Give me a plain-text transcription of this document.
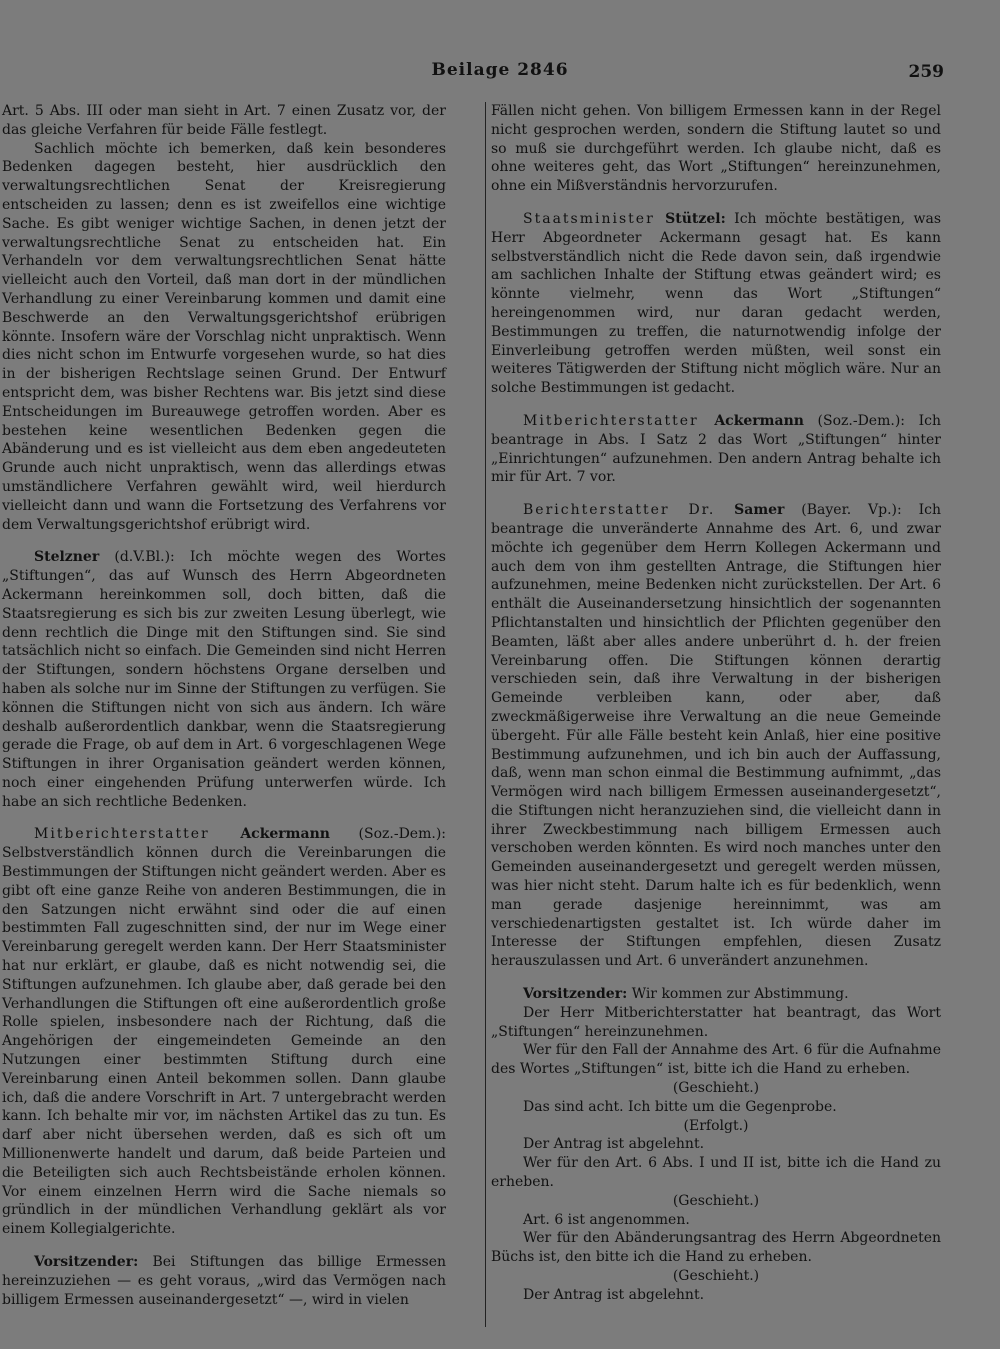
Beilage 2846	259

Art. 5 Abs. III oder man sieht in Art. 7 einen Zusatz vor, der das gleiche Verfahren für beide Fälle festlegt.

Sachlich möchte ich bemerken, daß kein besonderes Bedenken dagegen besteht, hier ausdrücklich den verwaltungsrechtlichen Senat der Kreisregierung entscheiden zu lassen; denn es ist zweifellos eine wichtige Sache. Es gibt weniger wichtige Sachen, in denen jetzt der verwaltungsrechtliche Senat zu entscheiden hat. Ein Verhandeln vor dem verwaltungsrechtlichen Senat hätte vielleicht auch den Vorteil, daß man dort in der mündlichen Verhandlung zu einer Vereinbarung kommen und damit eine Beschwerde an den Verwaltungsgerichtshof erübrigen könnte. Insofern wäre der Vorschlag nicht unpraktisch. Wenn dies nicht schon im Entwurfe vorgesehen wurde, so hat dies in der bisherigen Rechtslage seinen Grund. Der Entwurf entspricht dem, was bisher Rechtens war. Bis jetzt sind diese Entscheidungen im Bureauwege getroffen worden. Aber es bestehen keine wesentlichen Bedenken gegen die Abänderung und es ist vielleicht aus dem eben angedeuteten Grunde auch nicht unpraktisch, wenn das allerdings etwas umständlichere Verfahren gewählt wird, weil hierdurch vielleicht dann und wann die Fortsetzung des Verfahrens vor dem Verwaltungsgerichtshof erübrigt wird.

Stelzner (d.V.Bl.): Ich möchte wegen des Wortes „Stiftungen“, das auf Wunsch des Herrn Abgeordneten Ackermann hereinkommen soll, doch bitten, daß die Staatsregierung es sich bis zur zweiten Lesung überlegt, wie denn rechtlich die Dinge mit den Stiftungen sind. Sie sind tatsächlich nicht so einfach. Die Gemeinden sind nicht Herren der Stiftungen, sondern höchstens Organe derselben und haben als solche nur im Sinne der Stiftungen zu verfügen. Sie können die Stiftungen nicht von sich aus ändern. Ich wäre deshalb außerordentlich dankbar, wenn die Staatsregierung gerade die Frage, ob auf dem in Art. 6 vorgeschlagenen Wege Stiftungen in ihrer Organisation geändert werden können, noch einer eingehenden Prüfung unterwerfen würde. Ich habe an sich rechtliche Bedenken.

Mitberichterstatter Ackermann (Soz.-Dem.): Selbstverständlich können durch die Vereinbarungen die Bestimmungen der Stiftungen nicht geändert werden. Aber es gibt oft eine ganze Reihe von anderen Bestimmungen, die in den Satzungen nicht erwähnt sind oder die auf einen bestimmten Fall zugeschnitten sind, der nur im Wege einer Vereinbarung geregelt werden kann. Der Herr Staatsminister hat nur erklärt, er glaube, daß es nicht notwendig sei, die Stiftungen aufzunehmen. Ich glaube aber, daß gerade bei den Verhandlungen die Stiftungen oft eine außerordentlich große Rolle spielen, insbesondere nach der Richtung, daß die Angehörigen der eingemeindeten Gemeinde an den Nutzungen einer bestimmten Stiftung durch eine Vereinbarung einen Anteil bekommen sollen. Dann glaube ich, daß die andere Vorschrift in Art. 7 untergebracht werden kann. Ich behalte mir vor, im nächsten Artikel das zu tun. Es darf aber nicht übersehen werden, daß es sich oft um Millionenwerte handelt und darum, daß beide Parteien und die Beteiligten sich auch Rechtsbeistände erholen können. Vor einem einzelnen Herrn wird die Sache niemals so gründlich in der mündlichen Verhandlung geklärt als vor einem Kollegialgerichte.

Vorsitzender: Bei Stiftungen das billige Ermessen hereinzuziehen — es geht voraus, „wird das Vermögen nach billigem Ermessen auseinandergesetzt“ —, wird in vielen

Fällen nicht gehen. Von billigem Ermessen kann in der Regel nicht gesprochen werden, sondern die Stiftung lautet so und so muß sie durchgeführt werden. Ich glaube nicht, daß es ohne weiteres geht, das Wort „Stiftungen“ hereinzunehmen, ohne ein Mißverständnis hervorzurufen.

Staatsminister Stützel: Ich möchte bestätigen, was Herr Abgeordneter Ackermann gesagt hat. Es kann selbstverständlich nicht die Rede davon sein, daß irgendwie am sachlichen Inhalte der Stiftung etwas geändert wird; es könnte vielmehr, wenn das Wort „Stiftungen“ hereingenommen wird, nur daran gedacht werden, Bestimmungen zu treffen, die naturnotwendig infolge der Einverleibung getroffen werden müßten, weil sonst ein weiteres Tätigwerden der Stiftung nicht möglich wäre. Nur an solche Bestimmungen ist gedacht.

Mitberichterstatter Ackermann (Soz.-Dem.): Ich beantrage in Abs. I Satz 2 das Wort „Stiftungen“ hinter „Einrichtungen“ aufzunehmen. Den andern Antrag behalte ich mir für Art. 7 vor.

Berichterstatter Dr. Samer (Bayer. Vp.): Ich beantrage die unveränderte Annahme des Art. 6, und zwar möchte ich gegenüber dem Herrn Kollegen Ackermann und auch dem von ihm gestellten Antrage, die Stiftungen hier aufzunehmen, meine Bedenken nicht zurückstellen. Der Art. 6 enthält die Auseinandersetzung hinsichtlich der sogenannten Pflichtanstalten und hinsichtlich der Pflichten gegenüber den Beamten, läßt aber alles andere unberührt d. h. der freien Vereinbarung offen. Die Stiftungen können derartig verschieden sein, daß ihre Verwaltung in der bisherigen Gemeinde verbleiben kann, oder aber, daß zweckmäßigerweise ihre Verwaltung an die neue Gemeinde übergeht. Für alle Fälle besteht kein Anlaß, hier eine positive Bestimmung aufzunehmen, und ich bin auch der Auffassung, daß, wenn man schon einmal die Bestimmung aufnimmt, „das Vermögen wird nach billigem Ermessen auseinandergesetzt“, die Stiftungen nicht heranzuziehen sind, die vielleicht dann in ihrer Zweckbestimmung nach billigem Ermessen auch verschoben werden könnten. Es wird noch manches unter den Gemeinden auseinandergesetzt und geregelt werden müssen, was hier nicht steht. Darum halte ich es für bedenklich, wenn man gerade dasjenige hereinnimmt, was am verschiedenartigsten gestaltet ist. Ich würde daher im Interesse der Stiftungen empfehlen, diesen Zusatz herauszulassen und Art. 6 unverändert anzunehmen.

Vorsitzender: Wir kommen zur Abstimmung.

Der Herr Mitberichterstatter hat beantragt, das Wort „Stiftungen“ hereinzunehmen.

Wer für den Fall der Annahme des Art. 6 für die Aufnahme des Wortes „Stiftungen“ ist, bitte ich die Hand zu erheben.

(Geschieht.)

Das sind acht. Ich bitte um die Gegenprobe.

(Erfolgt.)

Der Antrag ist abgelehnt.

Wer für den Art. 6 Abs. I und II ist, bitte ich die Hand zu erheben.

(Geschieht.)

Art. 6 ist angenommen.

Wer für den Abänderungsantrag des Herrn Abgeordneten Büchs ist, den bitte ich die Hand zu erheben.

(Geschieht.)

Der Antrag ist abgelehnt.
